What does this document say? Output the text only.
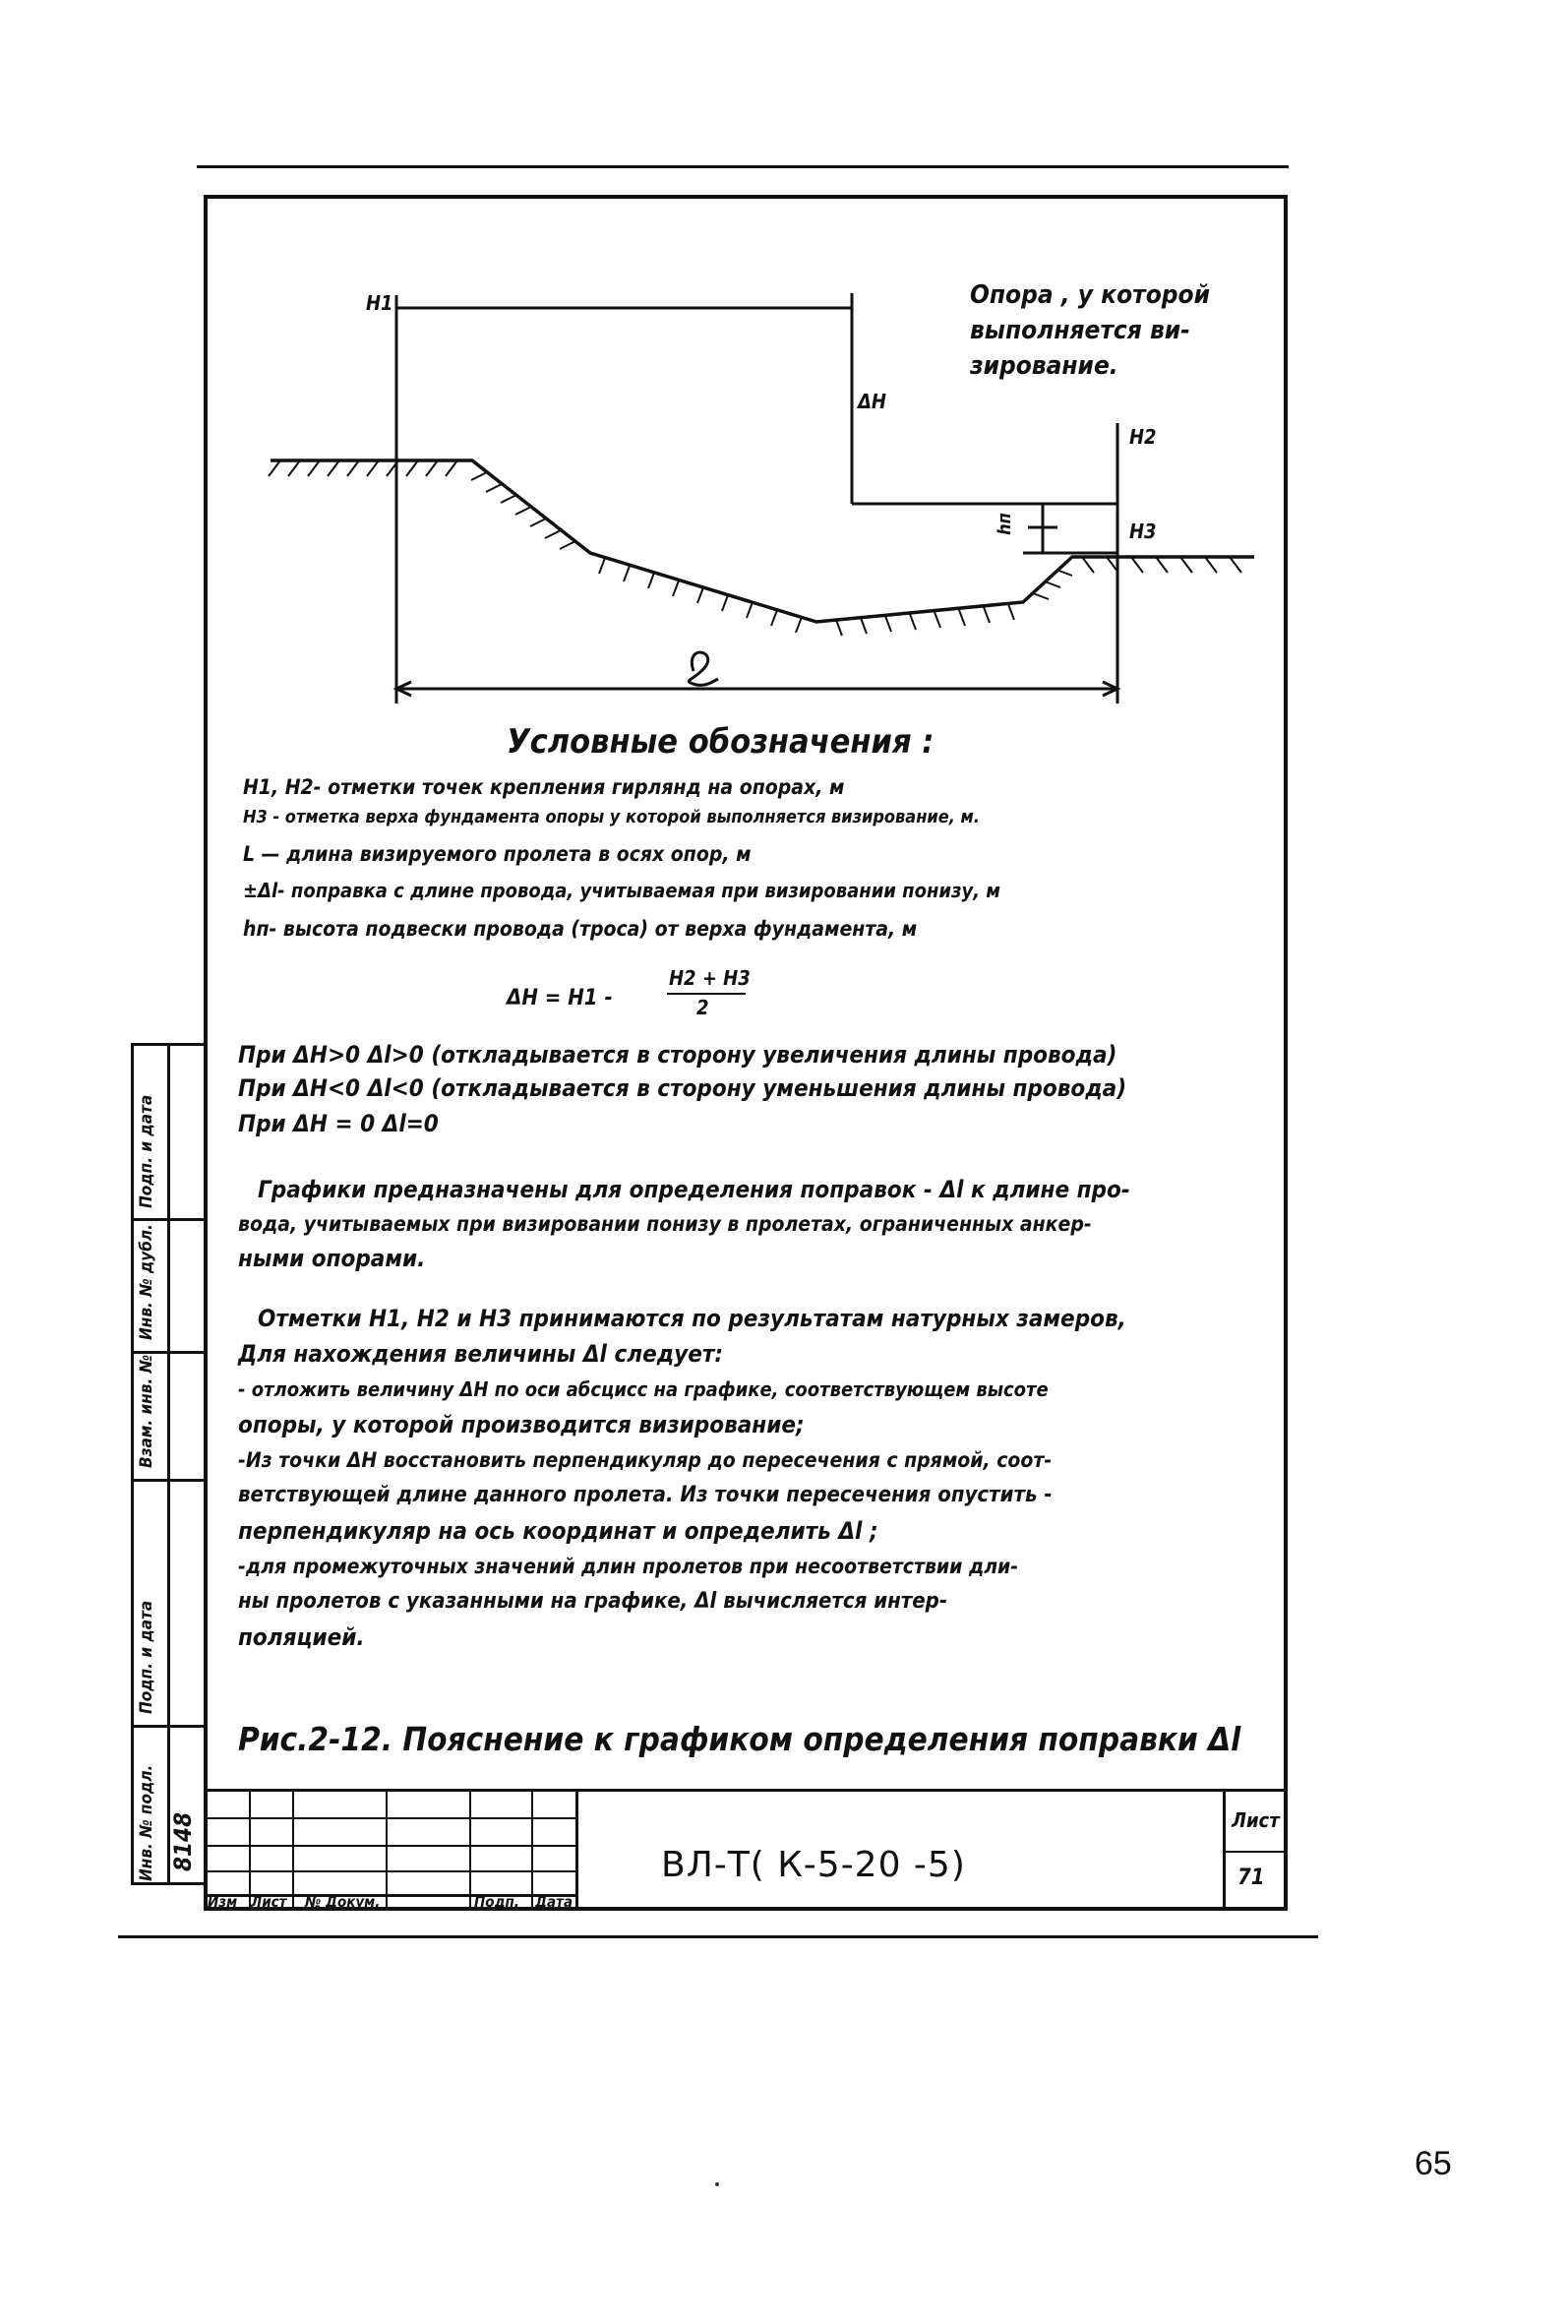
H1
ΔH
H2
H3
hп
Опора , у которой
выполняется ви-
зирование.
Условные обозначения :
H1, H2- отметки точек крепления гирлянд на опорах, м
H3 - отметка верха фундамента опоры у которой выполняется визирование, м.
L — длина визируемого пролета в осях опор, м
±Δl- поправка с длине провода, учитываемая при визировании понизу, м
hп- высота подвески провода (троса) от верха фундамента, м
ΔH = H1 -
H2 + H3
2
При ΔH>0 Δl>0 (откладывается в сторону увеличения длины провода)
При ΔH<0 Δl<0 (откладывается в сторону уменьшения длины провода)
При ΔH = 0 Δl=0
Графики предназначены для определения поправок - Δl к длине про-
вода, учитываемых при визировании понизу в пролетах, ограниченных анкер-
ными опорами.
Отметки H1, H2 и H3 принимаются по результатам натурных замеров,
Для нахождения величины Δl следует:
- отложить величину ΔH по оси абсцисс на графике, соответствующем высоте
опоры, у которой производится визирование;
-Из точки ΔH восстановить перпендикуляр до пересечения с прямой, соот-
ветствующей длине данного пролета. Из точки пересечения опустить -
перпендикуляр на ось координат и определить Δl ;
-для промежуточных значений длин пролетов при несоответствии дли-
ны пролетов с указанными на графике, Δl вычисляется интер-
поляцией.
Рис.2-12. Пояснение к графиком определения поправки Δl
Подп. и дата
Инв. № дубл.
Взам. инв. №
Подп. и дата
Инв. № подл. 8148
Изм Лист № Докум.	Подп. Дата
ВЛ-Т( К-5-20 -5)
Лист
71
65
